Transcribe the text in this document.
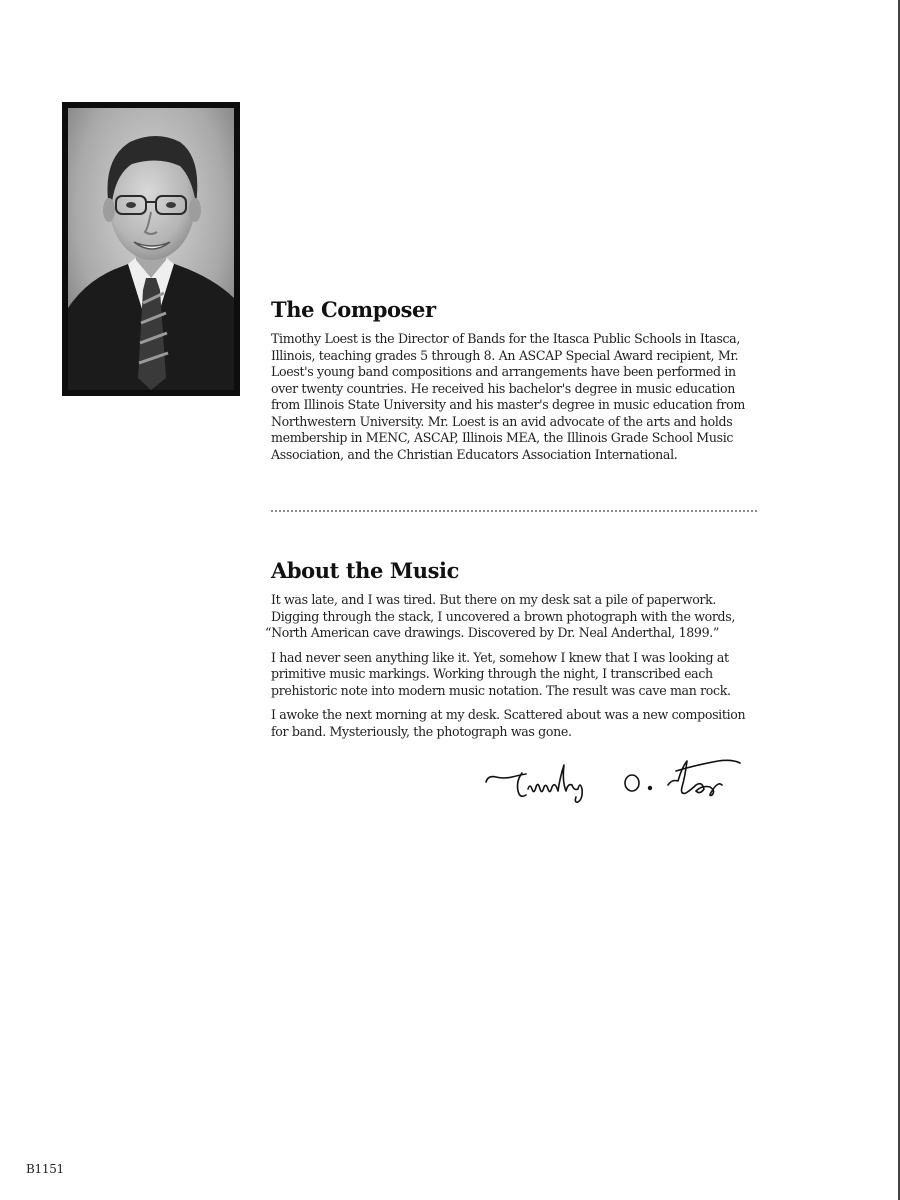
The Composer

Timothy Loest is the Director of Bands for the Itasca Public Schools in Itasca, Illinois, teaching grades 5 through 8. An ASCAP Special Award recipient, Mr. Loest's young band compositions and arrangements have been performed in over twenty countries. He received his bachelor's degree in music education from Illinois State University and his master's degree in music education from Northwestern University. Mr. Loest is an avid advocate of the arts and holds membership in MENC, ASCAP, Illinois MEA, the Illinois Grade School Music Association, and the Christian Educators Association International.

About the Music

It was late, and I was tired. But there on my desk sat a pile of paperwork. Digging through the stack, I uncovered a brown photograph with the words, “North American cave drawings. Discovered by Dr. Neal Anderthal, 1899.”

I had never seen anything like it. Yet, somehow I knew that I was looking at primitive music markings. Working through the night, I transcribed each prehistoric note into modern music notation. The result was cave man rock.

I awoke the next morning at my desk. Scattered about was a new composition for band. Mysteriously, the photograph was gone.

B1151
